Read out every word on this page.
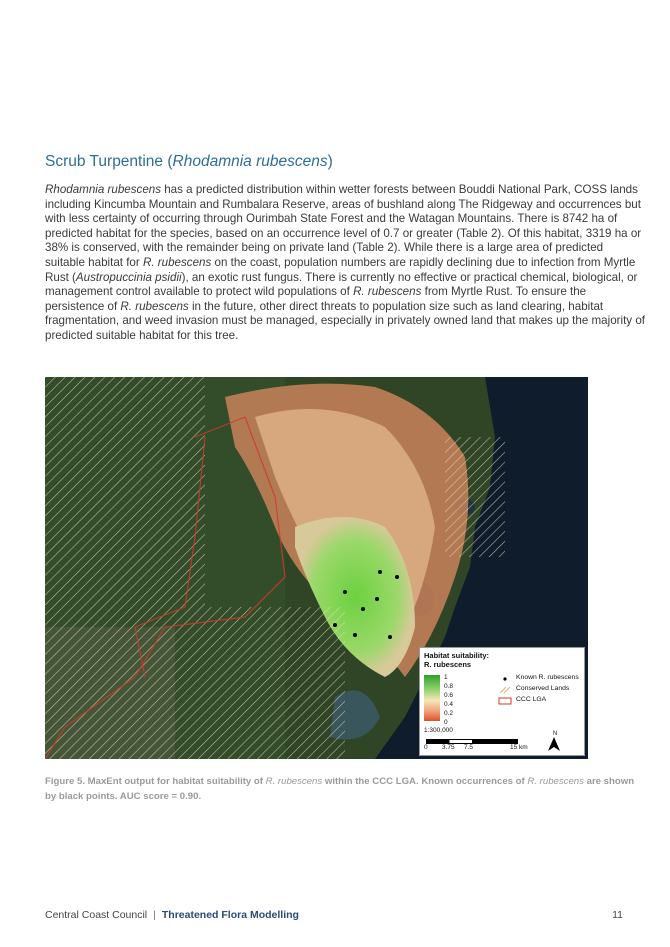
Scrub Turpentine (Rhodamnia rubescens)
Rhodamnia rubescens has a predicted distribution within wetter forests between Bouddi National Park, COSS lands including Kincumba Mountain and Rumbalara Reserve, areas of bushland along The Ridgeway and occurrences but with less certainty of occurring through Ourimbah State Forest and the Watagan Mountains. There is 8742 ha of predicted habitat for the species, based on an occurrence level of 0.7 or greater (Table 2). Of this habitat, 3319 ha or 38% is conserved, with the remainder being on private land (Table 2). While there is a large area of predicted suitable habitat for R. rubescens on the coast, population numbers are rapidly declining due to infection from Myrtle Rust (Austropuccinia psidii), an exotic rust fungus. There is currently no effective or practical chemical, biological, or management control available to protect wild populations of R. rubescens from Myrtle Rust. To ensure the persistence of R. rubescens in the future, other direct threats to population size such as land clearing, habitat fragmentation, and weed invasion must be managed, especially in privately owned land that makes up the majority of predicted suitable habitat for this tree.
Habitat suitability:
R. rubescens
1
0.8
0.6
0.4
0.2
0
Known R. rubescens
Conserved Lands
CCC LGA
1:300,000
0 3.75 7.5	15 km
N
Figure 5. MaxEnt output for habitat suitability of R. rubescens within the CCC LGA. Known occurrences of R. rubescens are shown by black points. AUC score = 0.90.
Central Coast Council | Threatened Flora Modelling	11
